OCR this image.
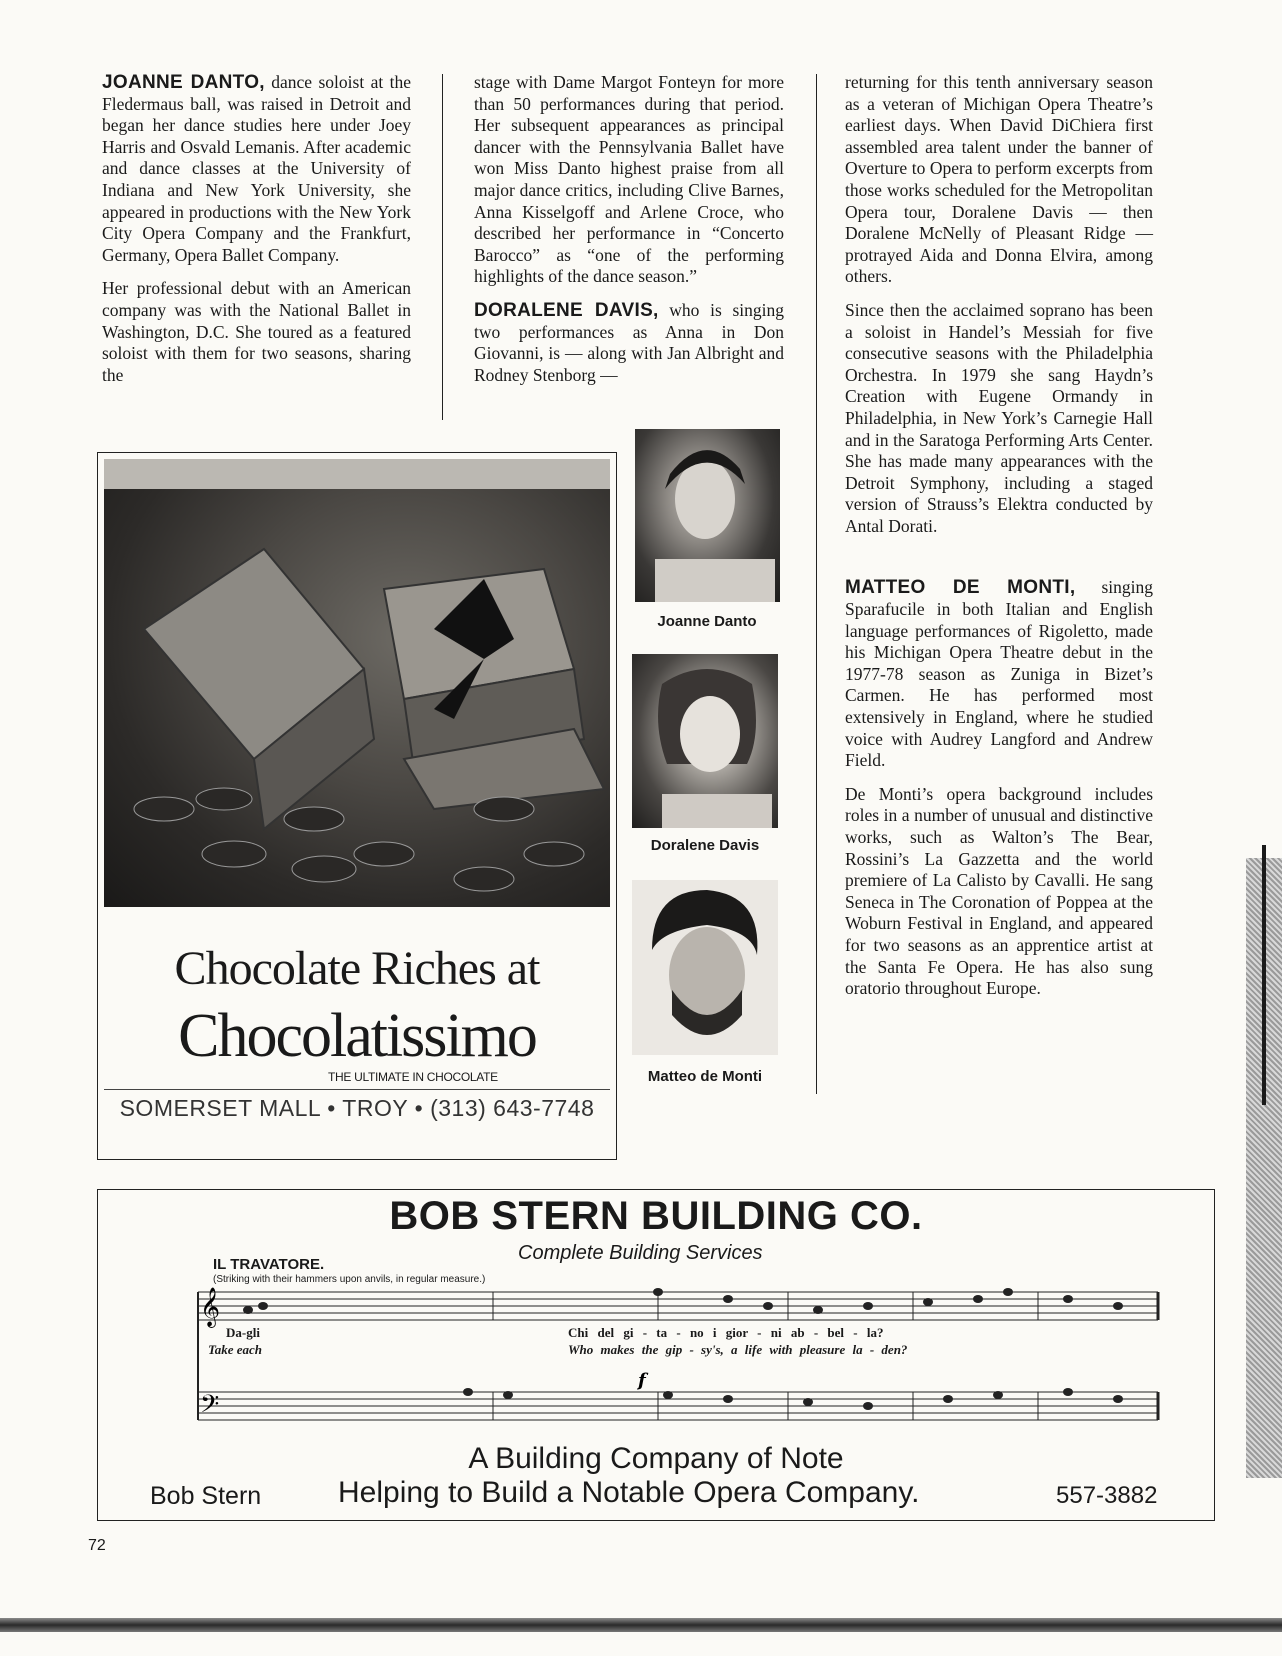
JOANNE DANTO, dance soloist at the Fledermaus ball, was raised in Detroit and began her dance studies here under Joey Harris and Osvald Lemanis. After academic and dance classes at the University of Indiana and New York University, she appeared in productions with the New York City Opera Company and the Frankfurt, Germany, Opera Ballet Company.

Her professional debut with an American company was with the National Ballet in Washington, D.C. She toured as a featured soloist with them for two seasons, sharing the

stage with Dame Margot Fonteyn for more than 50 performances during that period. Her subsequent appearances as principal dancer with the Pennsylvania Ballet have won Miss Danto highest praise from all major dance critics, including Clive Barnes, Anna Kisselgoff and Arlene Croce, who described her performance in “Concerto Barocco” as “one of the performing highlights of the dance season.”

DORALENE DAVIS, who is singing two performances as Anna in Don Giovanni, is — along with Jan Albright and Rodney Stenborg —

returning for this tenth anniversary season as a veteran of Michigan Opera Theatre’s earliest days. When David DiChiera first assembled area talent under the banner of Overture to Opera to perform excerpts from those works scheduled for the Metropolitan Opera tour, Doralene Davis — then Doralene McNelly of Pleasant Ridge — protrayed Aida and Donna Elvira, among others.

Since then the acclaimed soprano has been a soloist in Handel’s Messiah for five consecutive seasons with the Philadelphia Orchestra. In 1979 she sang Haydn’s Creation with Eugene Ormandy in Philadelphia, in New York’s Carnegie Hall and in the Saratoga Performing Arts Center. She has made many appearances with the Detroit Symphony, including a staged version of Strauss’s Elektra conducted by Antal Dorati.

MATTEO DE MONTI, singing Sparafucile in both Italian and English language performances of Rigoletto, made his Michigan Opera Theatre debut in the 1977-78 season as Zuniga in Bizet’s Carmen. He has performed most extensively in England, where he studied voice with Audrey Langford and Andrew Field.

De Monti’s opera background includes roles in a number of unusual and distinctive works, such as Walton’s The Bear, Rossini’s La Gazzetta and the world premiere of La Calisto by Cavalli. He sang Seneca in The Coronation of Poppea at the Woburn Festival in England, and appeared for two seasons as an apprentice artist at the Santa Fe Opera. He has also sung oratorio throughout Europe.

Joanne Danto
Doralene Davis
Matteo de Monti
Chocolate Riches at
Chocolatissimo
THE ULTIMATE IN CHOCOLATE
SOMERSET MALL • TROY • (313) 643-7748
BOB STERN BUILDING CO.
Complete Building Services
IL TRAVATORE.
(Striking with their hammers upon anvils, in regular measure.)
𝄞
𝄢
f
Da-gli
Take each
Chi del gi - ta - no i gior - ni ab - bel - la?
Who makes the gip - sy's, a life with pleasure la - den?
A Building Company of Note
Bob Stern	Helping to Build a Notable Opera Company.	557-3882
72
